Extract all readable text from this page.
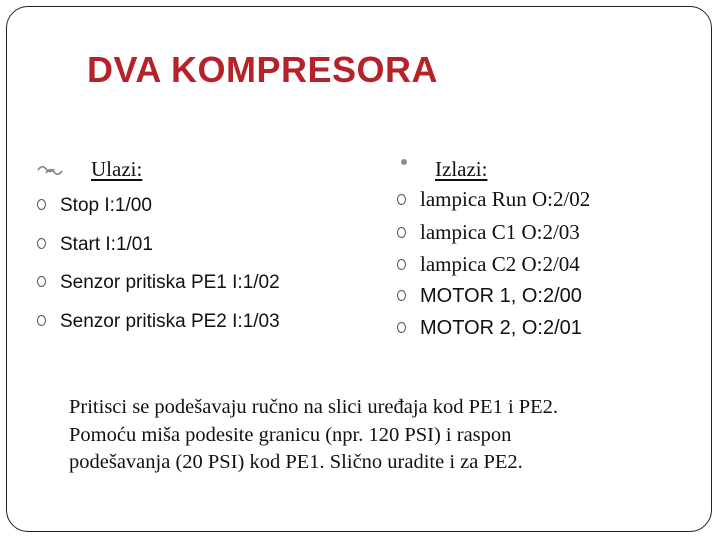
DVA KOMPRESORA
Ulazi:
Stop I:1/00
Start I:1/01
Senzor pritiska PE1 I:1/02
Senzor pritiska PE2 I:1/03
Izlazi:
lampica Run O:2/02
lampica C1 O:2/03
lampica C2 O:2/04
MOTOR 1, O:2/00
MOTOR 2, O:2/01

Pritisci se podešavaju ručno na slici uređaja kod PE1 i PE2.
Pomoću miša podesite granicu (npr. 120 PSI) i raspon
podešavanja (20 PSI) kod PE1. Slično uradite i za PE2.
